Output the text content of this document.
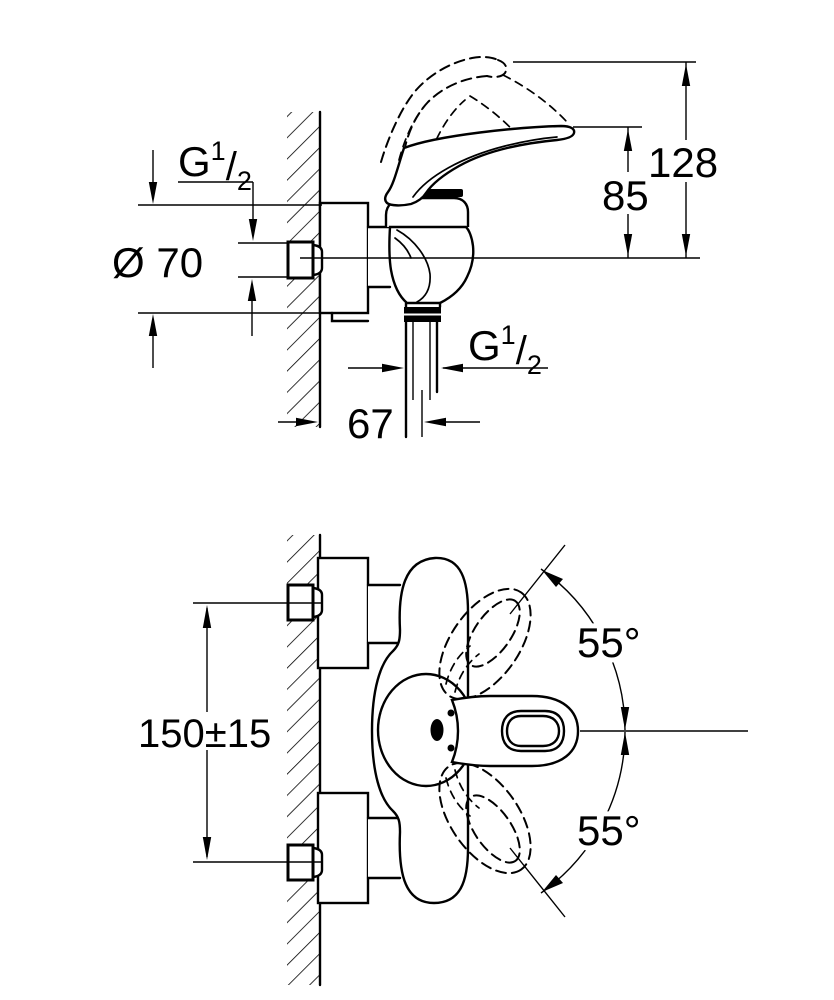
$G^1/_2$
Ø 70
85
128
$G^1/_2$
67
150±15
55°
55°
